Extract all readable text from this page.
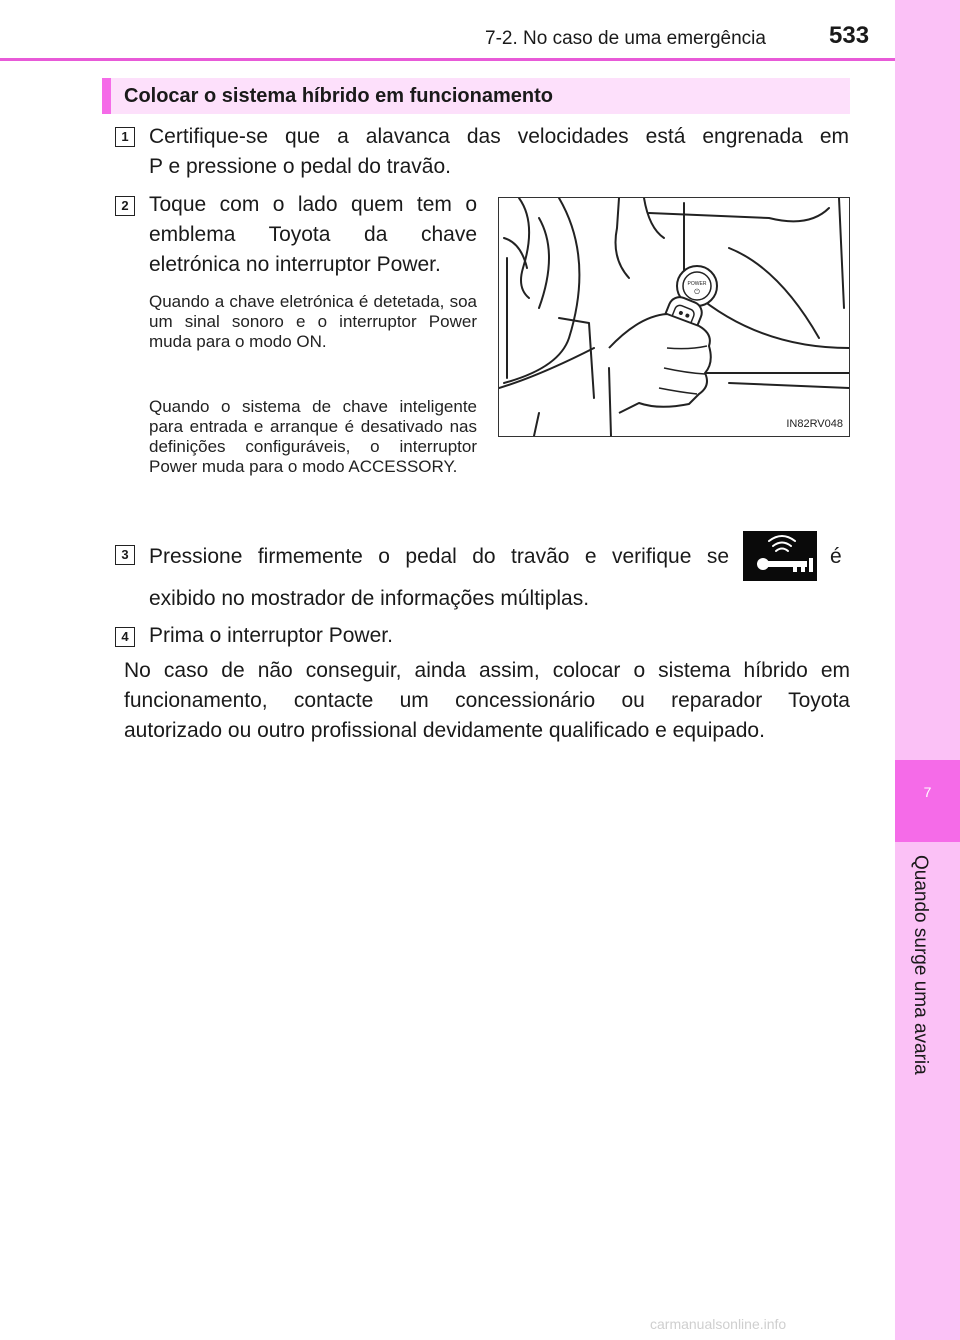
7
Quando surge uma avaria
7-2. No caso de uma emergência	533
Colocar o sistema híbrido em funcionamento
1 Certifique-se que a alavanca das velocidades está engrenada em
P e pressione o pedal do travão.
2 Toque com o lado quem tem o
emblema Toyota da chave
eletrónica no interruptor Power.
Quando a chave eletrónica é detetada, soa um sinal sonoro e o interruptor Power muda para o modo ON.
Quando o sistema de chave inteligente para entrada e arranque é desativado nas definições configuráveis, o interruptor Power muda para o modo ACCESSORY.
POWER
⏻
IN82RV048
3 Pressione firmemente o pedal do travão e verifique se	é
exibido no mostrador de informações múltiplas.
4 Prima o interruptor Power.
No caso de não conseguir, ainda assim, colocar o sistema híbrido em
funcionamento, contacte um concessionário ou reparador Toyota
autorizado ou outro profissional devidamente qualificado e equipado.
carmanualsonline.info
